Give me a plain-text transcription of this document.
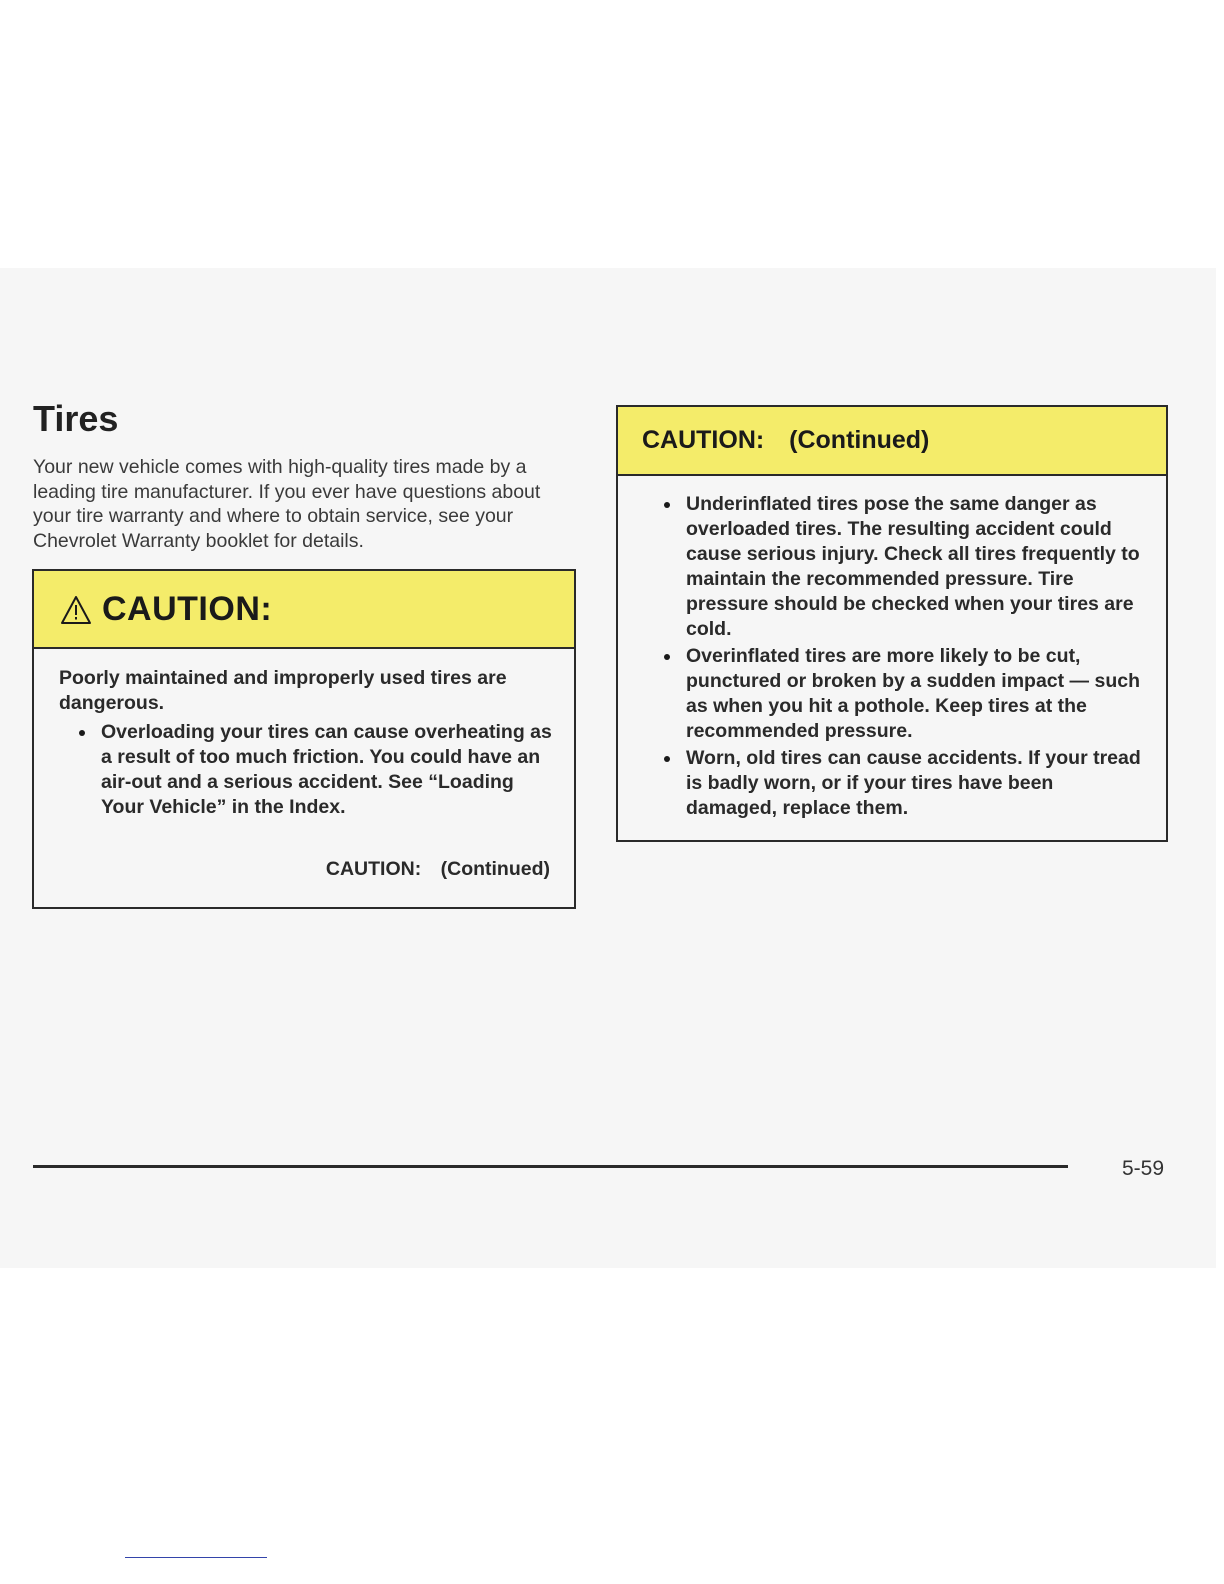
Tires

Your new vehicle comes with high-quality tires made by a leading tire manufacturer. If you ever have questions about your tire warranty and where to obtain service, see your Chevrolet Warranty booklet for details.

CAUTION:

Poorly maintained and improperly used tires are dangerous.

Overloading your tires can cause overheating as a result of too much friction. You could have an air-out and a serious accident. See “Loading Your Vehicle” in the Index.
CAUTION: (Continued)
CAUTION: (Continued)
Underinflated tires pose the same danger as overloaded tires. The resulting accident could cause serious injury. Check all tires frequently to maintain the recommended pressure. Tire pressure should be checked when your tires are cold.
Overinflated tires are more likely to be cut, punctured or broken by a sudden impact — such as when you hit a pothole. Keep tires at the recommended pressure.
Worn, old tires can cause accidents. If your tread is badly worn, or if your tires have been damaged, replace them.
5-59
